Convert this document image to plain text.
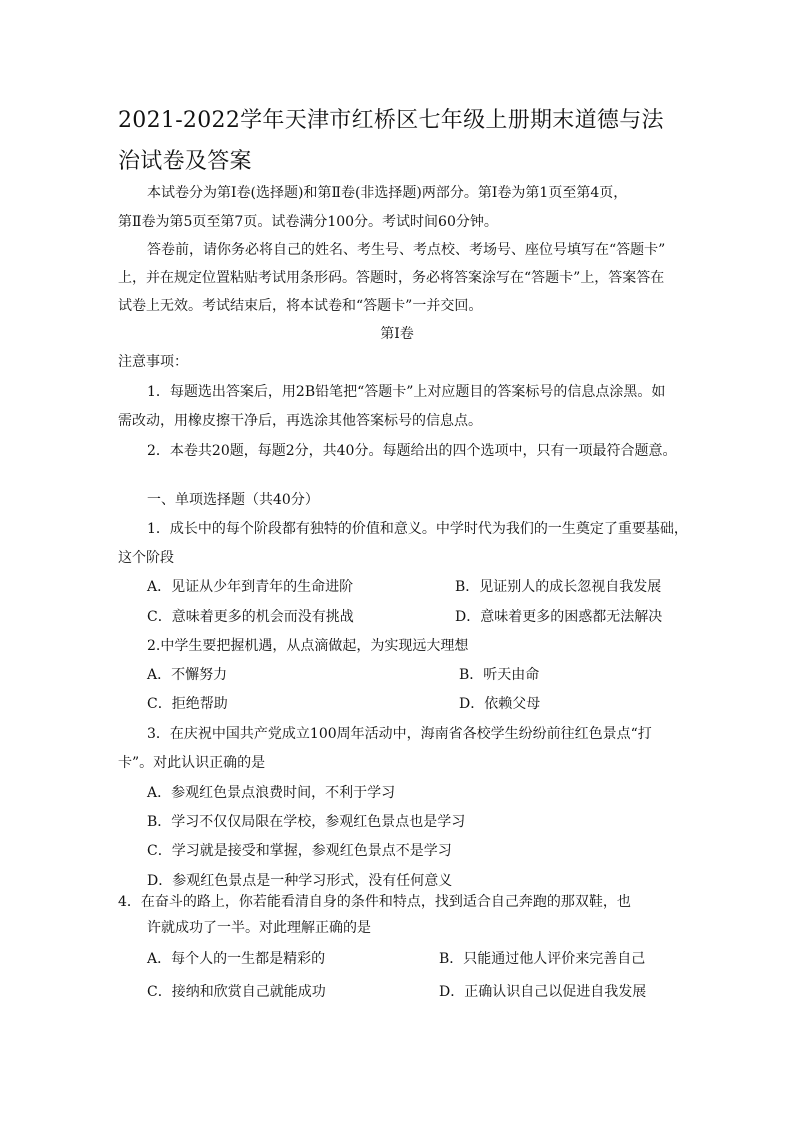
2021-2022学年天津市红桥区七年级上册期末道德与法治试卷及答案
本试卷分为第Ⅰ卷(选择题)和第Ⅱ卷(非选择题)两部分。第Ⅰ卷为第1页至第4页，
第Ⅱ卷为第5页至第7页。试卷满分100分。考试时间60分钟。
答卷前，请你务必将自己的姓名、考生号、考点校、考场号、座位号填写在“答题卡”
上，并在规定位置粘贴考试用条形码。答题时，务必将答案涂写在“答题卡”上，答案答在
试卷上无效。考试结束后，将本试卷和“答题卡”一并交回。
第Ⅰ卷
注意事项：
1．每题选出答案后，用2B铅笔把“答题卡”上对应题目的答案标号的信息点涂黑。如
需改动，用橡皮擦干净后，再选涂其他答案标号的信息点。
2．本卷共20题，每题2分，共40分。每题给出的四个选项中，只有一项最符合题意。
一、单项选择题（共40分）
1．成长中的每个阶段都有独特的价值和意义。中学时代为我们的一生奠定了重要基础，
这个阶段
A．见证从少年到青年的生命进阶	B．见证别人的成长忽视自我发展
C．意味着更多的机会而没有挑战	D．意味着更多的困惑都无法解决
2.中学生要把握机遇，从点滴做起，为实现远大理想
A．不懈努力	B．听天由命
C．拒绝帮助	D．依赖父母
3．在庆祝中国共产党成立100周年活动中，海南省各校学生纷纷前往红色景点“打
卡”。对此认识正确的是
A．参观红色景点浪费时间，不利于学习
B．学习不仅仅局限在学校，参观红色景点也是学习
C．学习就是接受和掌握，参观红色景点不是学习
D．参观红色景点是一种学习形式，没有任何意义
4．在奋斗的路上，你若能看清自身的条件和特点，找到适合自己奔跑的那双鞋，也
许就成功了一半。对此理解正确的是
A．每个人的一生都是精彩的	B．只能通过他人评价来完善自己
C．接纳和欣赏自己就能成功	D．正确认识自己以促进自我发展
